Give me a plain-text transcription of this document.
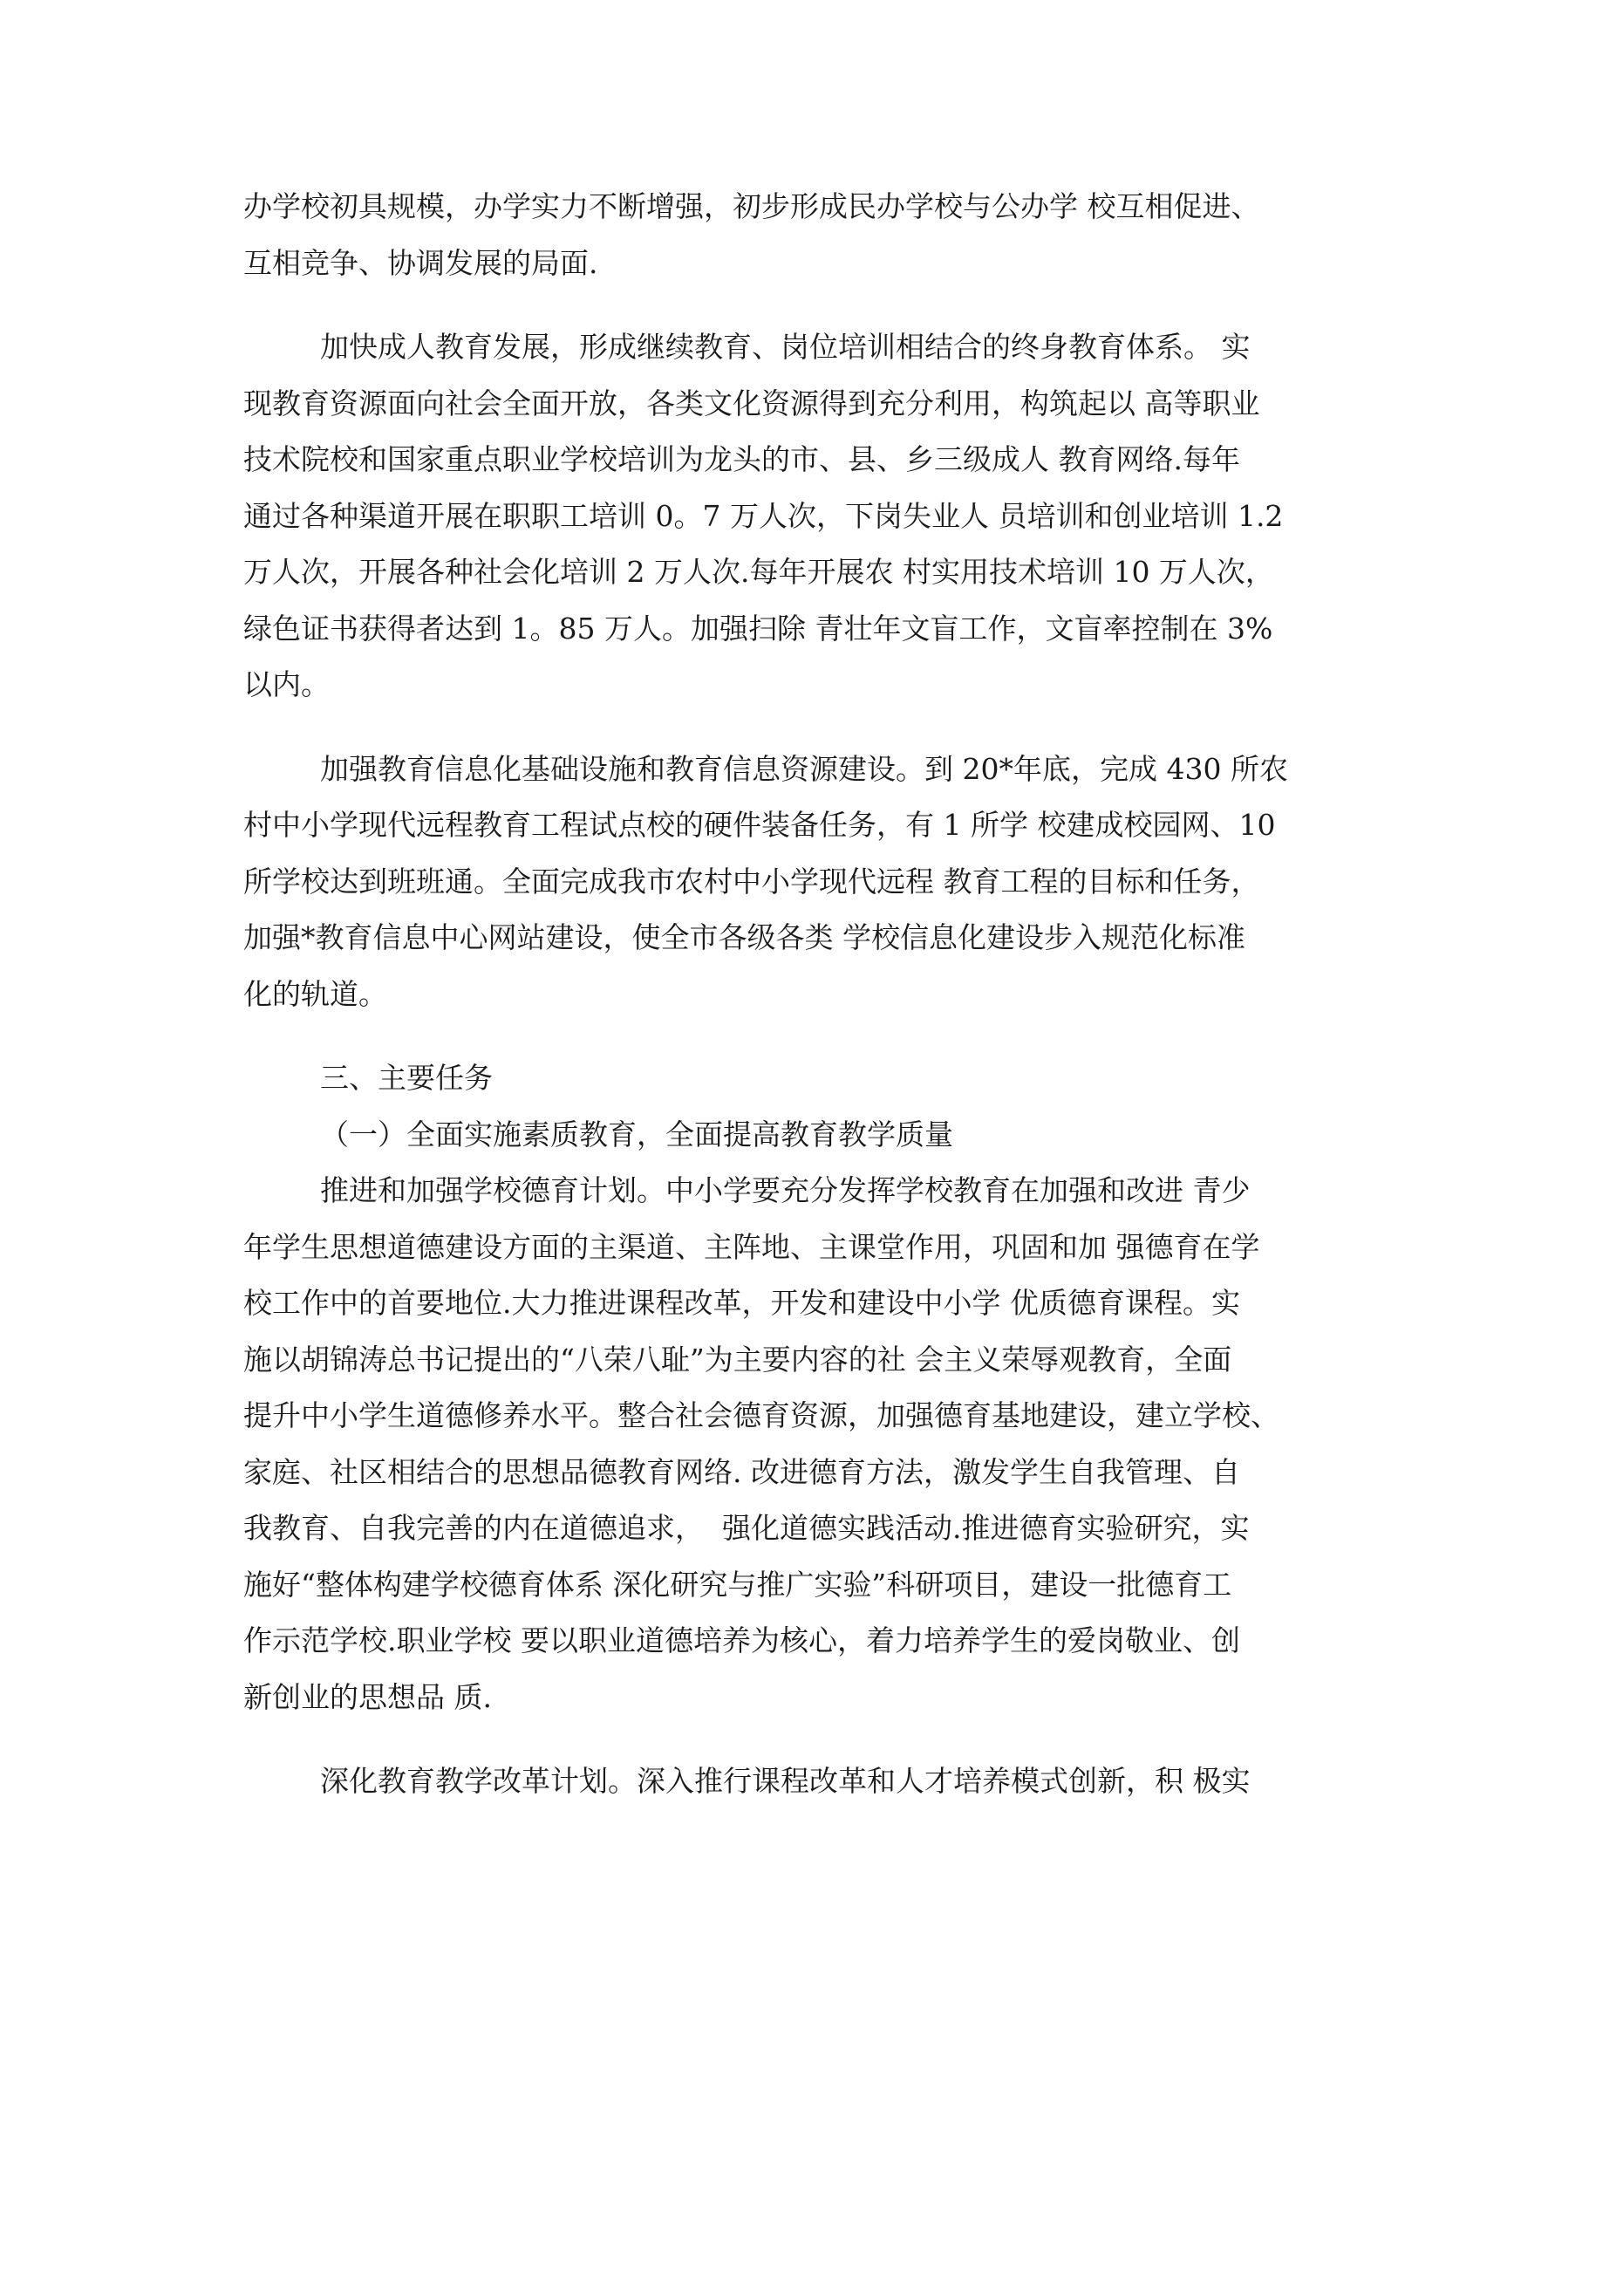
办学校初具规模，办学实力不断增强，初步形成民办学校与公办学 校互相促进、
互相竞争、协调发展的局面.
加快成人教育发展，形成继续教育、岗位培训相结合的终身教育体系。 实
现教育资源面向社会全面开放，各类文化资源得到充分利用，构筑起以 高等职业
技术院校和国家重点职业学校培训为龙头的市、县、乡三级成人 教育网络.每年
通过各种渠道开展在职职工培训 0。7 万人次，下岗失业人 员培训和创业培训 1.2
万人次，开展各种社会化培训 2 万人次.每年开展农 村实用技术培训 10 万人次，
绿色证书获得者达到 1。85 万人。加强扫除 青壮年文盲工作，文盲率控制在 3%
以内。
加强教育信息化基础设施和教育信息资源建设。到 20*年底，完成 430 所农
村中小学现代远程教育工程试点校的硬件装备任务，有 1 所学 校建成校园网、10
所学校达到班班通。全面完成我市农村中小学现代远程 教育工程的目标和任务，
加强*教育信息中心网站建设，使全市各级各类 学校信息化建设步入规范化标准
化的轨道。
三、主要任务
（一）全面实施素质教育，全面提高教育教学质量
推进和加强学校德育计划。中小学要充分发挥学校教育在加强和改进 青少
年学生思想道德建设方面的主渠道、主阵地、主课堂作用，巩固和加 强德育在学
校工作中的首要地位.大力推进课程改革，开发和建设中小学 优质德育课程。实
施以胡锦涛总书记提出的“八荣八耻”为主要内容的社 会主义荣辱观教育，全面
提升中小学生道德修养水平。整合社会德育资源，加强德育基地建设，建立学校、
家庭、社区相结合的思想品德教育网络. 改进德育方法，激发学生自我管理、自
我教育、自我完善的内在道德追求，  强化道德实践活动.推进德育实验研究，实
施好“整体构建学校德育体系 深化研究与推广实验”科研项目，建设一批德育工
作示范学校.职业学校 要以职业道德培养为核心，着力培养学生的爱岗敬业、创
新创业的思想品 质.
深化教育教学改革计划。深入推行课程改革和人才培养模式创新，积 极实
